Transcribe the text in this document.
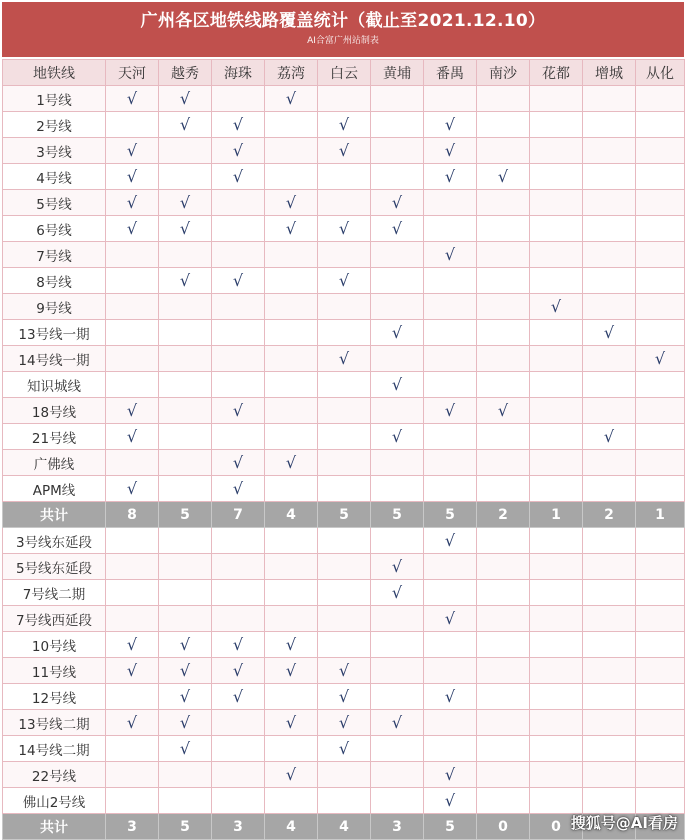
广州各区地铁线路覆盖统计（截止至2021.12.10）
AI合富广州站制表
地铁线	天河	越秀	海珠	荔湾	白云	黄埔	番禺	南沙	花都	增城	从化
1号线	√	√		√							
2号线		√	√		√		√				
3号线	√		√		√		√				
4号线	√		√				√	√			
5号线	√	√		√		√					
6号线	√	√		√	√	√					
7号线							√				
8号线		√	√		√						
9号线									√		
13号线一期						√				√	
14号线一期					√						√
知识城线						√					
18号线	√		√				√	√			
21号线	√					√				√	
广佛线			√	√							
APM线	√		√								
共计	8	5	7	4	5	5	5	2	1	2	1
3号线东延段							√				
5号线东延段						√					
7号线二期						√					
7号线西延段							√				
10号线	√	√	√	√							
11号线	√	√	√	√	√						
12号线		√	√		√		√				
13号线二期	√	√		√	√	√					
14号线二期		√			√						
22号线				√			√				
佛山2号线							√				
共计	3	5	3	4	4	3	5	0	0		搜狐号@AI看房
